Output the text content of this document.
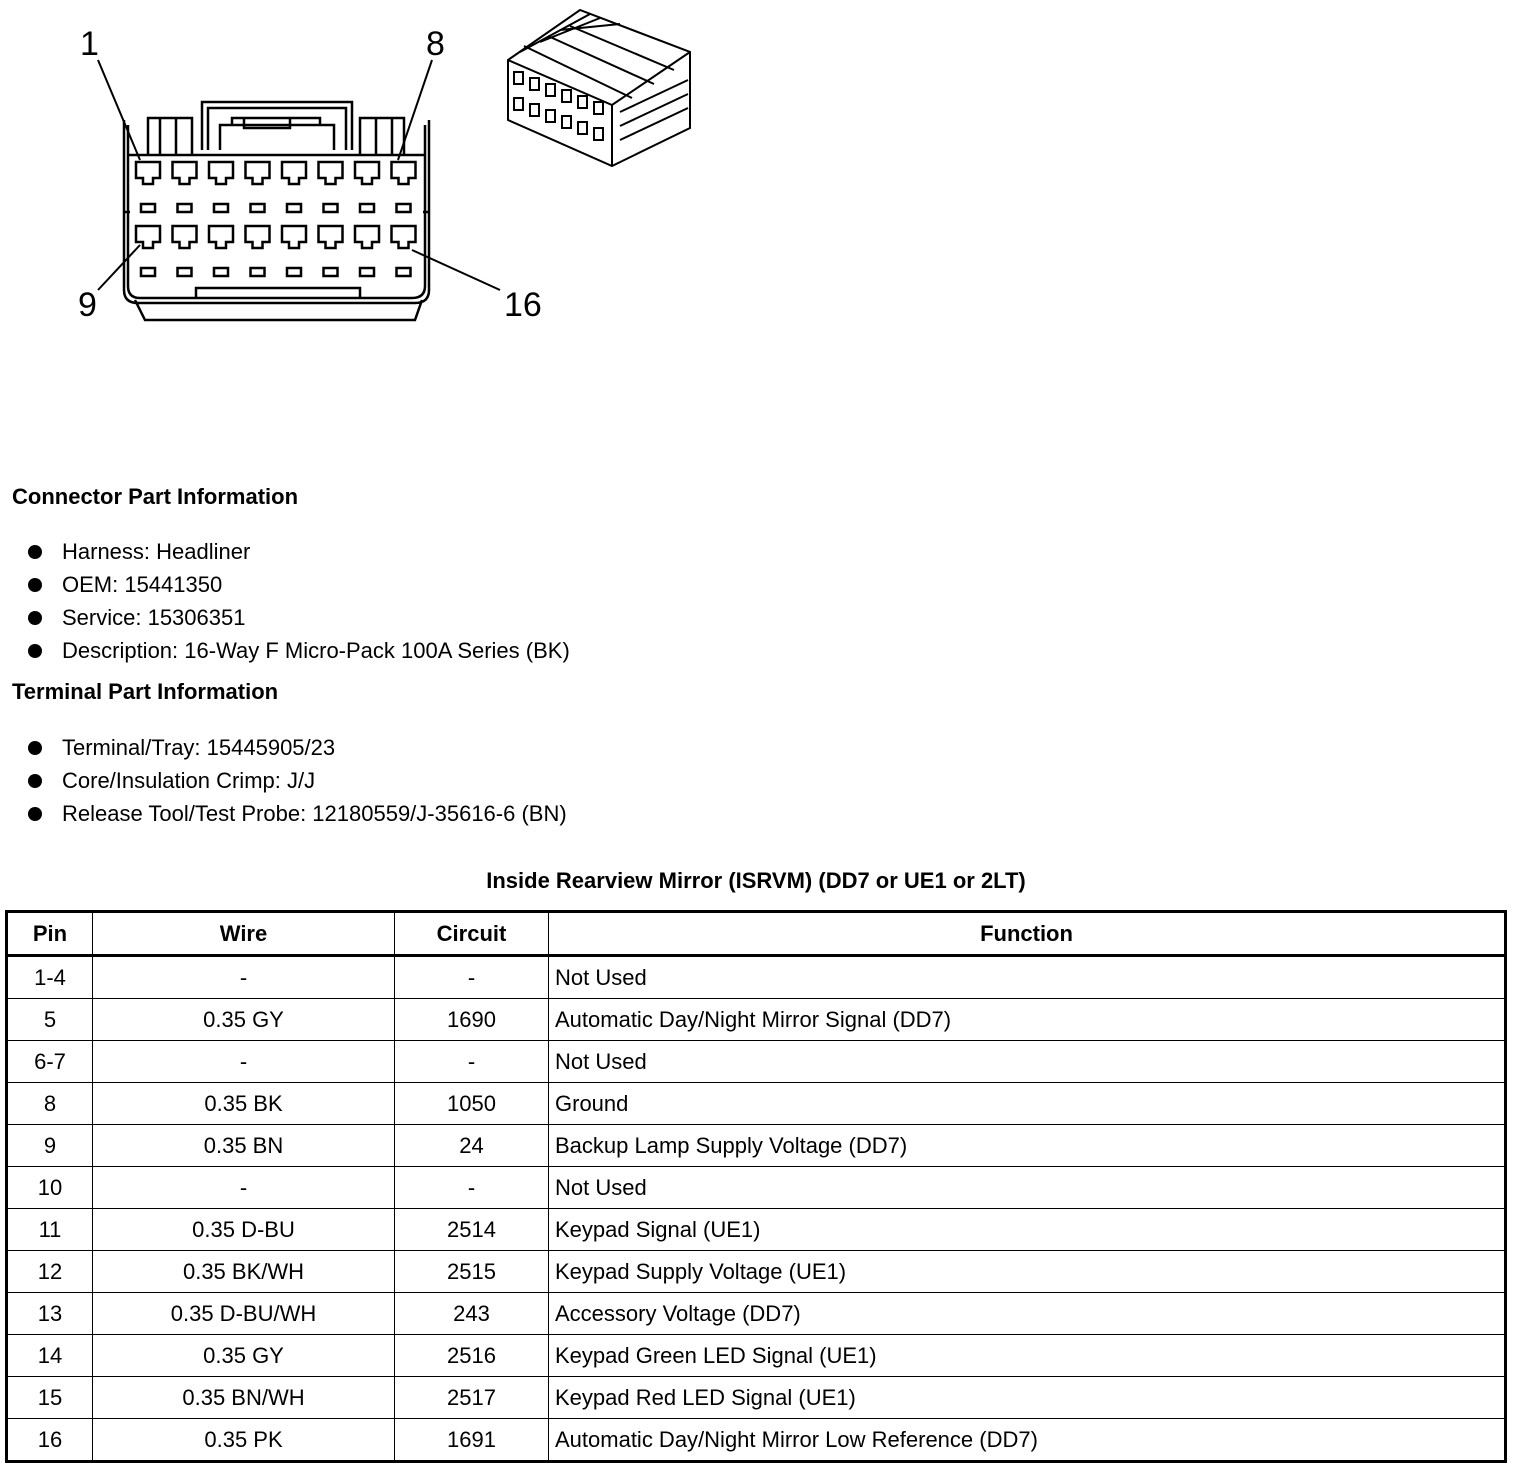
1	8
9	16
Connector Part Information
Harness: Headliner
OEM: 15441350
Service: 15306351
Description: 16-Way F Micro-Pack 100A Series (BK)
Terminal Part Information
Terminal/Tray: 15445905/23
Core/Insulation Crimp: J/J
Release Tool/Test Probe: 12180559/J-35616-6 (BN)
Inside Rearview Mirror (ISRVM) (DD7 or UE1 or 2LT)
Pin	Wire	Circuit	Function
1-4	-	-	Not Used
5	0.35 GY	1690	Automatic Day/Night Mirror Signal (DD7)
6-7	-	-	Not Used
8	0.35 BK	1050	Ground
9	0.35 BN	24	Backup Lamp Supply Voltage (DD7)
10	-	-	Not Used
11	0.35 D-BU	2514	Keypad Signal (UE1)
12	0.35 BK/WH	2515	Keypad Supply Voltage (UE1)
13	0.35 D-BU/WH	243	Accessory Voltage (DD7)
14	0.35 GY	2516	Keypad Green LED Signal (UE1)
15	0.35 BN/WH	2517	Keypad Red LED Signal (UE1)
16	0.35 PK	1691	Automatic Day/Night Mirror Low Reference (DD7)
